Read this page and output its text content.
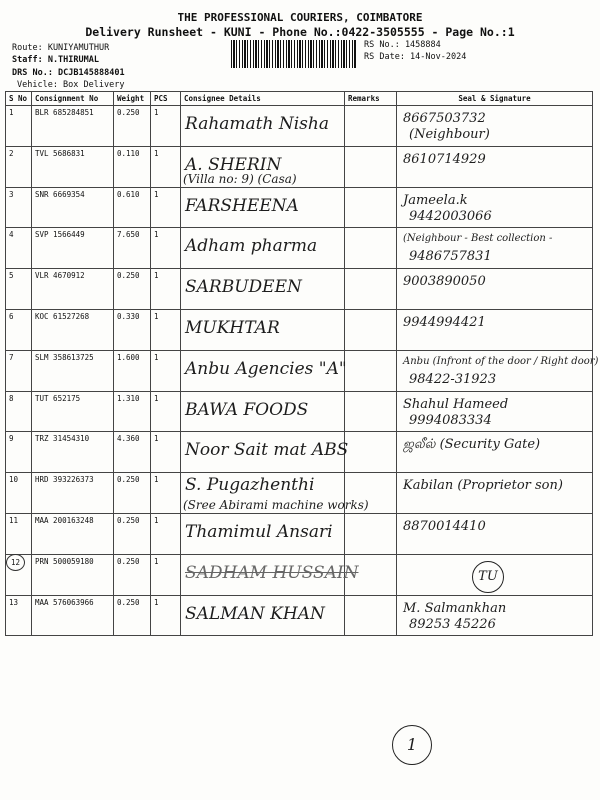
THE PROFESSIONAL COURIERS, COIMBATORE
Delivery Runsheet - KUNI - Phone No.:0422-3505555 - Page No.:1
Route: KUNIYAMUTHUR
Staff: N.THIRUMAL
DRS No.: DCJB145888401
Vehicle: Box Delivery
RS No.: 1458884
RS Date: 14-Nov-2024
S No	Consignment No	Weight	PCS	Consignee Details	Remarks	Seal & Signature
1	BLR 685284851	0.250	1	Rahamath Nisha		8667503732
(Neighbour)

2	TVL 5686831	0.110	1	A. SHERIN
(Villa no: 9) (Casa)		8610714929

3	SNR 6669354	0.610	1	FARSHEENA		Jameela.k
9442003066

4	SVP 1566449	7.650	1	Adham pharma		(Neighbour - Best collection -
9486757831

5	VLR 4670912	0.250	1	SARBUDEEN		9003890050

6	KOC 61527268	0.330	1	MUKHTAR		9944994421

7	SLM 358613725	1.600	1	Anbu Agencies "A"		Anbu (Infront of the door / Right door)
98422-31923

8	TUT 652175	1.310	1	BAWA FOODS		Shahul Hameed
9994083334

9	TRZ 31454310	4.360	1	Noor Sait mat ABS		ஜலீல் (Security Gate)

10	HRD 393226373	0.250	1	S. Pugazhenthi
(Sree Abirami machine works)		Kabilan (Proprietor son)

11	MAA 200163248	0.250	1	Thamimul Ansari		8870014410

12	PRN 500059180	0.250	1	SADHAM HUSSAIN		TU

13	MAA 576063966	0.250	1	SALMAN KHAN		M. Salmankhan
89253 45226
1
